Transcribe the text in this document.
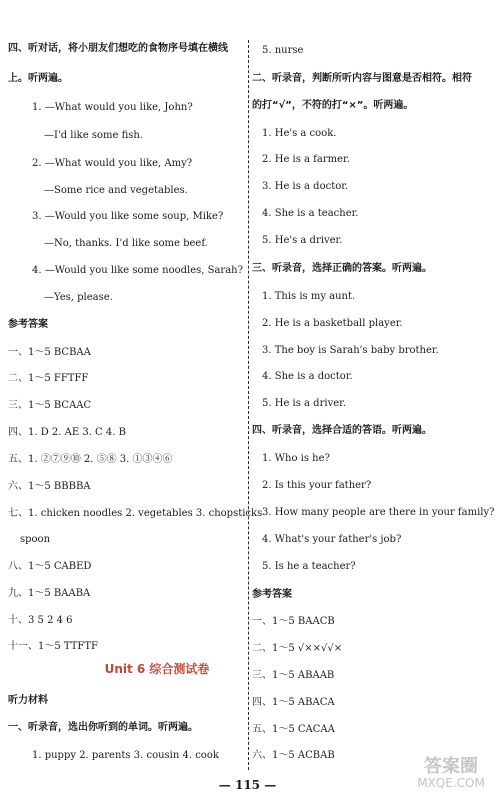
四、听对话，将小朋友们想吃的食物序号填在横线
上。听两遍。
1. —What would you like, John?
—I'd like some fish.
2. —What would you like, Amy?
—Some rice and vegetables.
3. —Would you like some soup, Mike?
—No, thanks. I'd like some beef.
4. —Would you like some noodles, Sarah?
—Yes, please.
参考答案
一、1～5 BCBAA
二、1～5 FFTFF
三、1～5 BCAAC
四、1. D 2. AE 3. C 4. B
五、1. ②⑦⑨⑩ 2. ⑤⑧ 3. ①③④⑥
六、1～5 BBBBA
七、1. chicken noodles 2. vegetables 3. chopsticks
spoon
八、1～5 CABED
九、1～5 BAABA
十、3 5 2 4 6
十一、1～5 TTFTF
Unit 6 综合测试卷
听力材料
一、听录音，选出你听到的单词。听两遍。
1. puppy 2. parents 3. cousin 4. cook
5. nurse
二、听录音，判断所听内容与图意是否相符。相符
的打“√”，不符的打“×”。听两遍。
1. He's a cook.
2. He is a farmer.
3. He is a doctor.
4. She is a teacher.
5. He's a driver.
三、听录音，选择正确的答案。听两遍。
1. This is my aunt.
2. He is a basketball player.
3. The boy is Sarah's baby brother.
4. She is a doctor.
5. He is a driver.
四、听录音，选择合适的答语。听两遍。
1. Who is he?
2. Is this your father?
3. How many people are there in your family?
4. What's your father's job?
5. Is he a teacher?
参考答案
一、1～5 BAACB
二、1～5 √××√√×
三、1～5 ABAAB
四、1～5 ABACA
五、1～5 CACAA
六、1～5 ACBAB
— 115 —
答案圈
MXQE.COM
